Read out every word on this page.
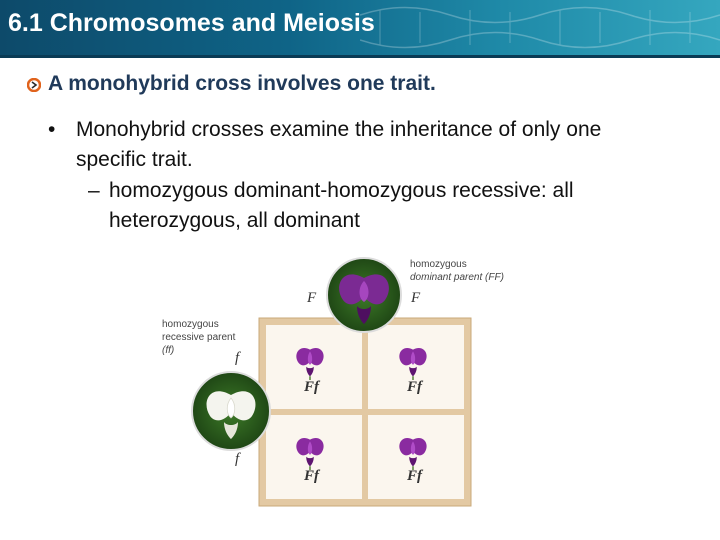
6.1 Chromosomes and Meiosis
A monohybrid cross involves one trait.
• Monohybrid crosses examine the inheritance of only one
specific trait.
– homozygous dominant-homozygous recessive: all
heterozygous, all dominant
homozygous
dominant parent (FF)
homozygous
recessive parent
(ff)
F	F
f
f
Ff	Ff
Ff	Ff
